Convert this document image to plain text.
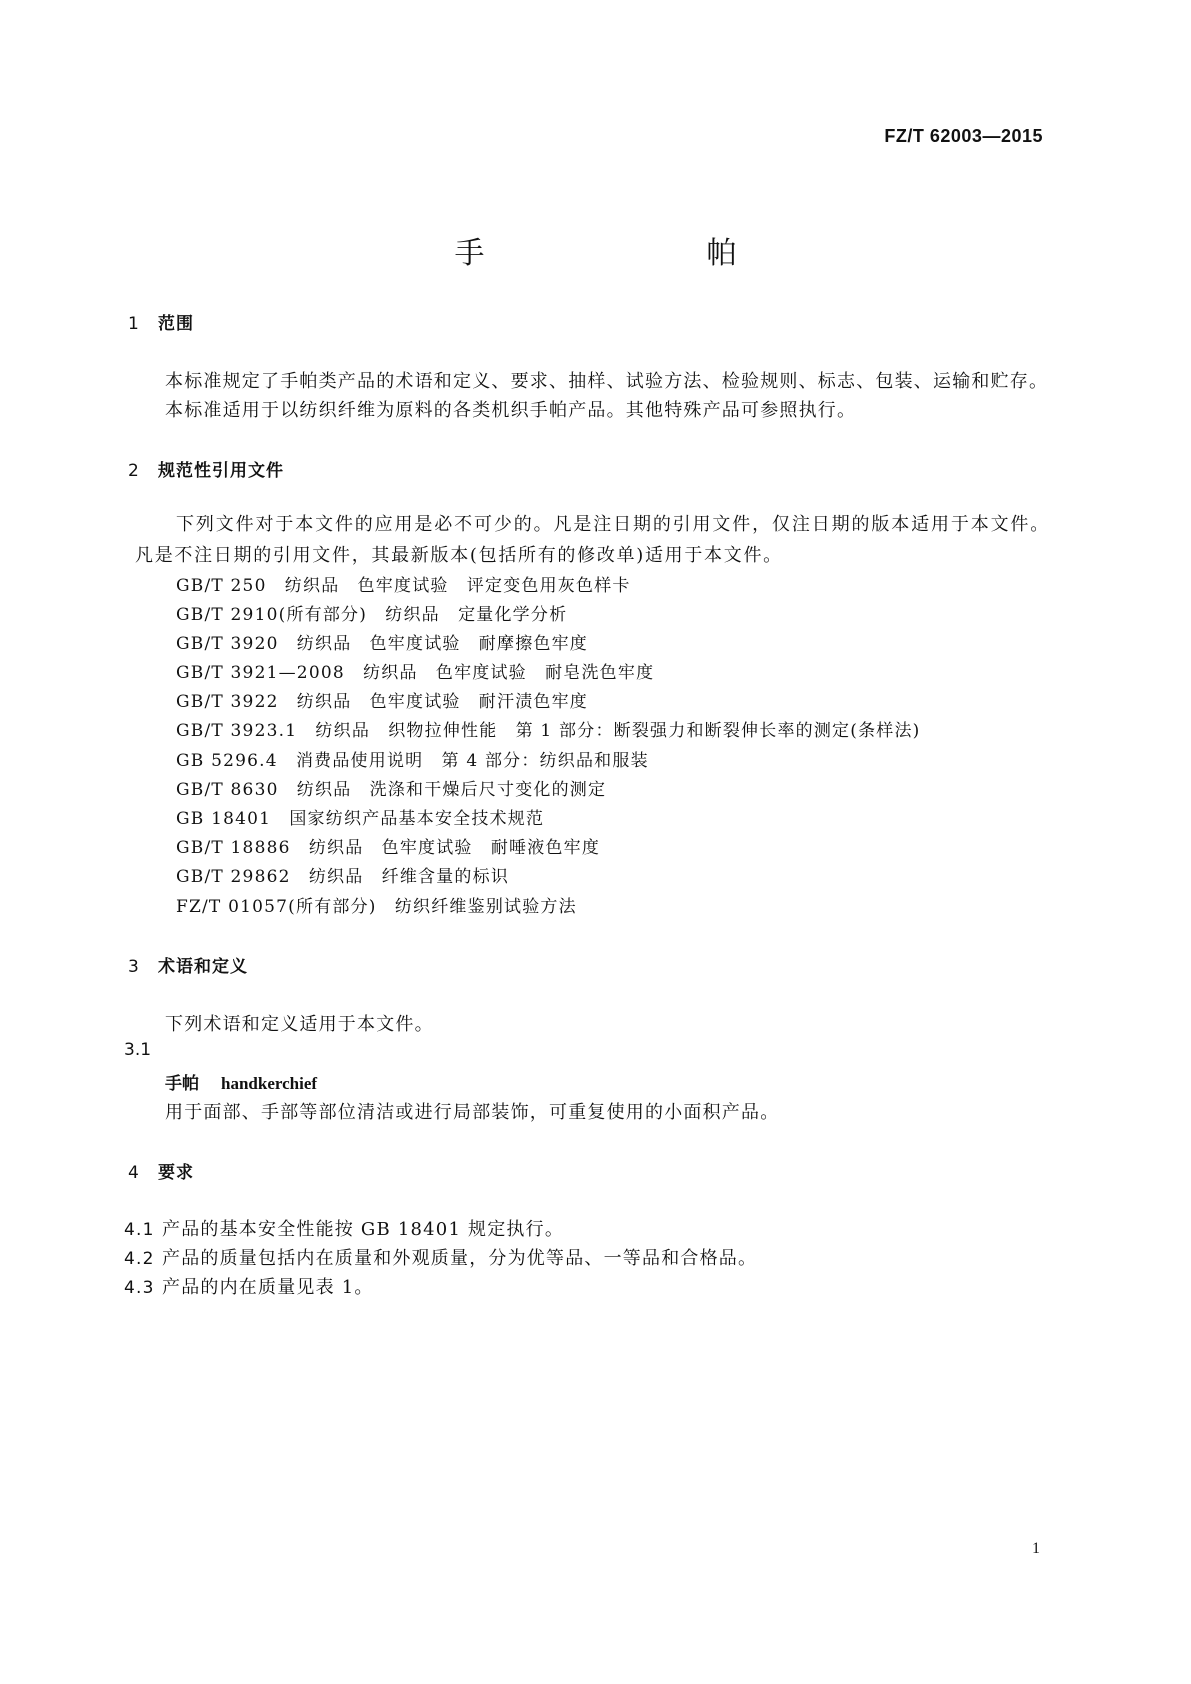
FZ/T 62003—2015
手　帕
1 范围
本标准规定了手帕类产品的术语和定义、要求、抽样、试验方法、检验规则、标志、包装、运输和贮存。
本标准适用于以纺织纤维为原料的各类机织手帕产品。其他特殊产品可参照执行。
2 规范性引用文件
下列文件对于本文件的应用是必不可少的。凡是注日期的引用文件，仅注日期的版本适用于本文件。凡是不注日期的引用文件，其最新版本(包括所有的修改单)适用于本文件。
GB/T 250　纺织品　色牢度试验　评定变色用灰色样卡
GB/T 2910(所有部分)　纺织品　定量化学分析
GB/T 3920　纺织品　色牢度试验　耐摩擦色牢度
GB/T 3921—2008　纺织品　色牢度试验　耐皂洗色牢度
GB/T 3922　纺织品　色牢度试验　耐汗渍色牢度
GB/T 3923.1　纺织品　织物拉伸性能　第 1 部分：断裂强力和断裂伸长率的测定(条样法)
GB 5296.4　消费品使用说明　第 4 部分：纺织品和服装
GB/T 8630　纺织品　洗涤和干燥后尺寸变化的测定
GB 18401　国家纺织产品基本安全技术规范
GB/T 18886　纺织品　色牢度试验　耐唾液色牢度
GB/T 29862　纺织品　纤维含量的标识
FZ/T 01057(所有部分)　纺织纤维鉴别试验方法
3 术语和定义
下列术语和定义适用于本文件。
3.1
手帕 handkerchief
用于面部、手部等部位清洁或进行局部装饰，可重复使用的小面积产品。
4 要求
4.1 产品的基本安全性能按 GB 18401 规定执行。
4.2 产品的质量包括内在质量和外观质量，分为优等品、一等品和合格品。
4.3 产品的内在质量见表 1。
1
